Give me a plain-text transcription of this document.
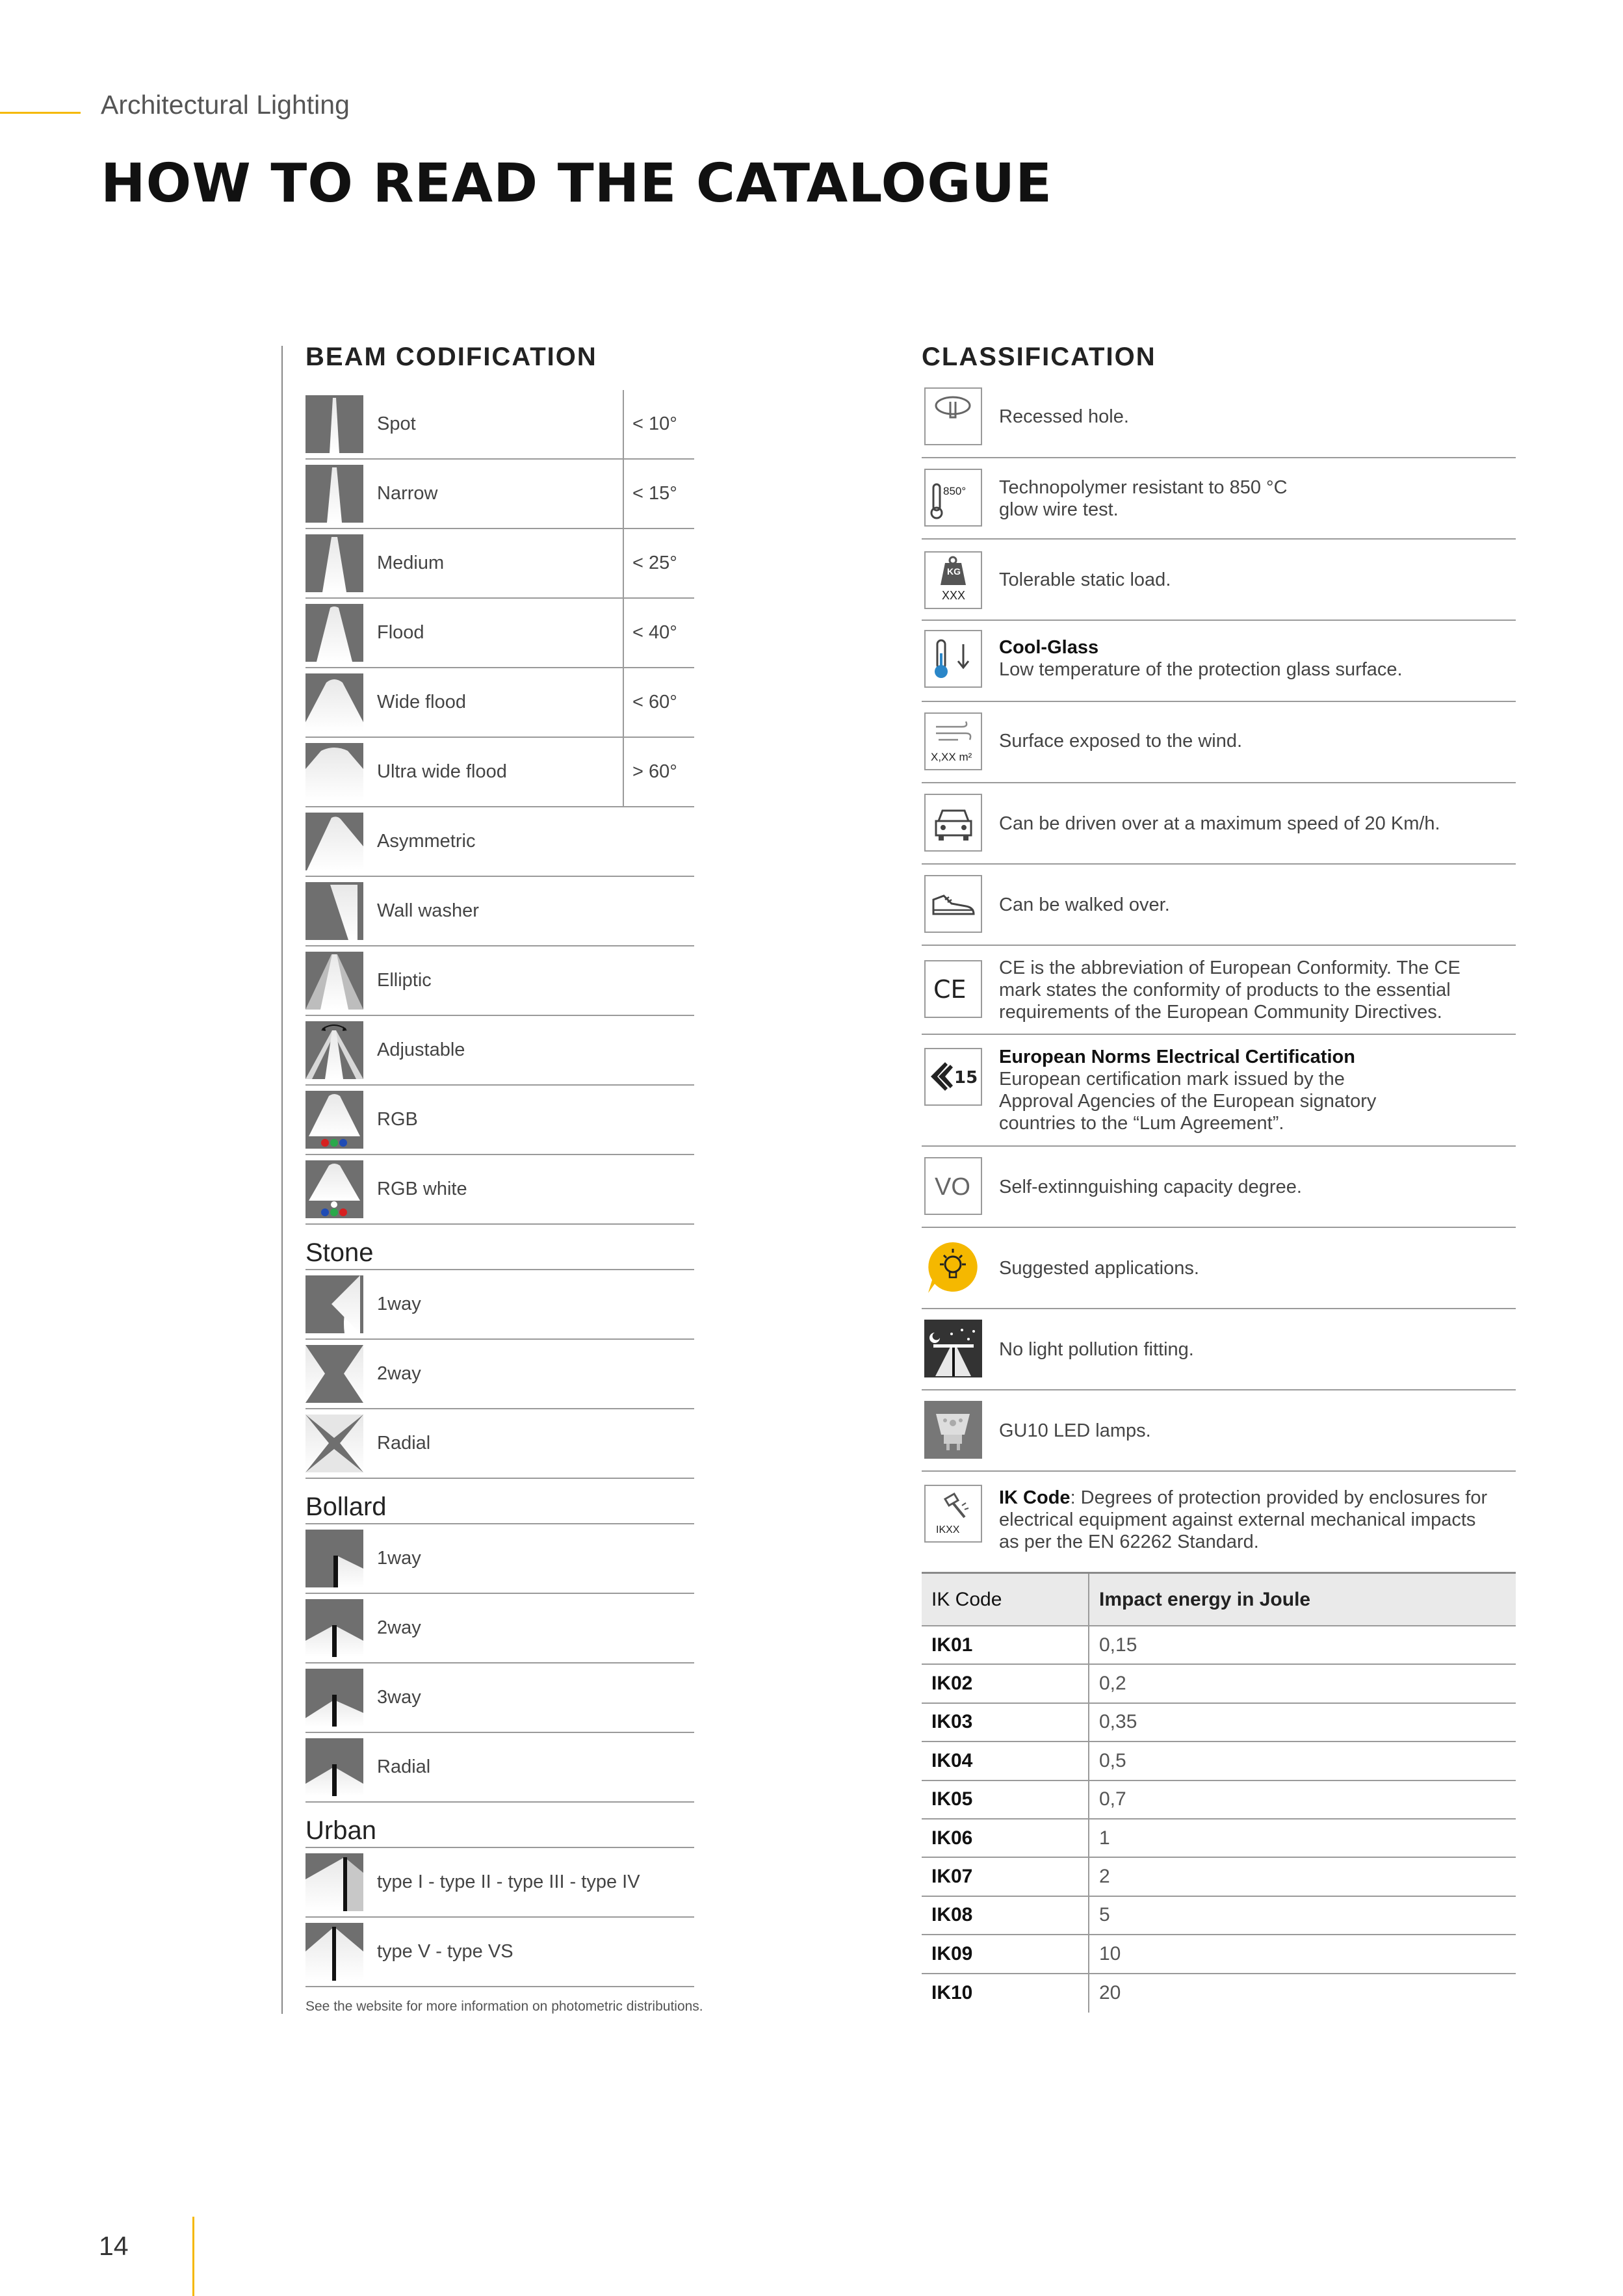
Architectural Lighting
HOW TO READ THE CATALOGUE
BEAM CODIFICATION
Spot	< 10°
Narrow	< 15°
Medium	< 25°
Flood	< 40°
Wide flood	< 60°
Ultra wide flood	> 60°
Asymmetric
Wall washer
Elliptic
Adjustable
RGB
RGB white
Stone
1way
2way
Radial
Bollard
1way
2way
3way
Radial
Urban
type I - type II - type III - type IV
type V - type VS
See the website for more information on photometric distributions.
CLASSIFICATION
Recessed hole.
850° Technopolymer resistant to 850 °C
glow wire test.
KG
XXX
Tolerable static load.
Cool-Glass
Low temperature of the protection glass surface.
X,XX m²
Surface exposed to the wind.
Can be driven over at a maximum speed of 20 Km/h.
Can be walked over.
CE
CE is the abbreviation of European Conformity. The CE
mark states the conformity of products to the essential
requirements of the European Community Directives.
15
European Norms Electrical Certification
European certification mark issued by the
Approval Agencies of the European signatory
countries to the “Lum Agreement”.
VO Self-extinnguishing capacity degree.
Suggested applications.
No light pollution fitting.
GU10 LED lamps.
IKXX
IK Code: Degrees of protection provided by enclosures for
electrical equipment against external mechanical impacts
as per the EN 62262 Standard.
IK Code	Impact energy in Joule
IK01	0,15
IK02	0,2
IK03	0,35
IK04	0,5
IK05	0,7
IK06	1
IK07	2
IK08	5
IK09	10
IK10	20
14
